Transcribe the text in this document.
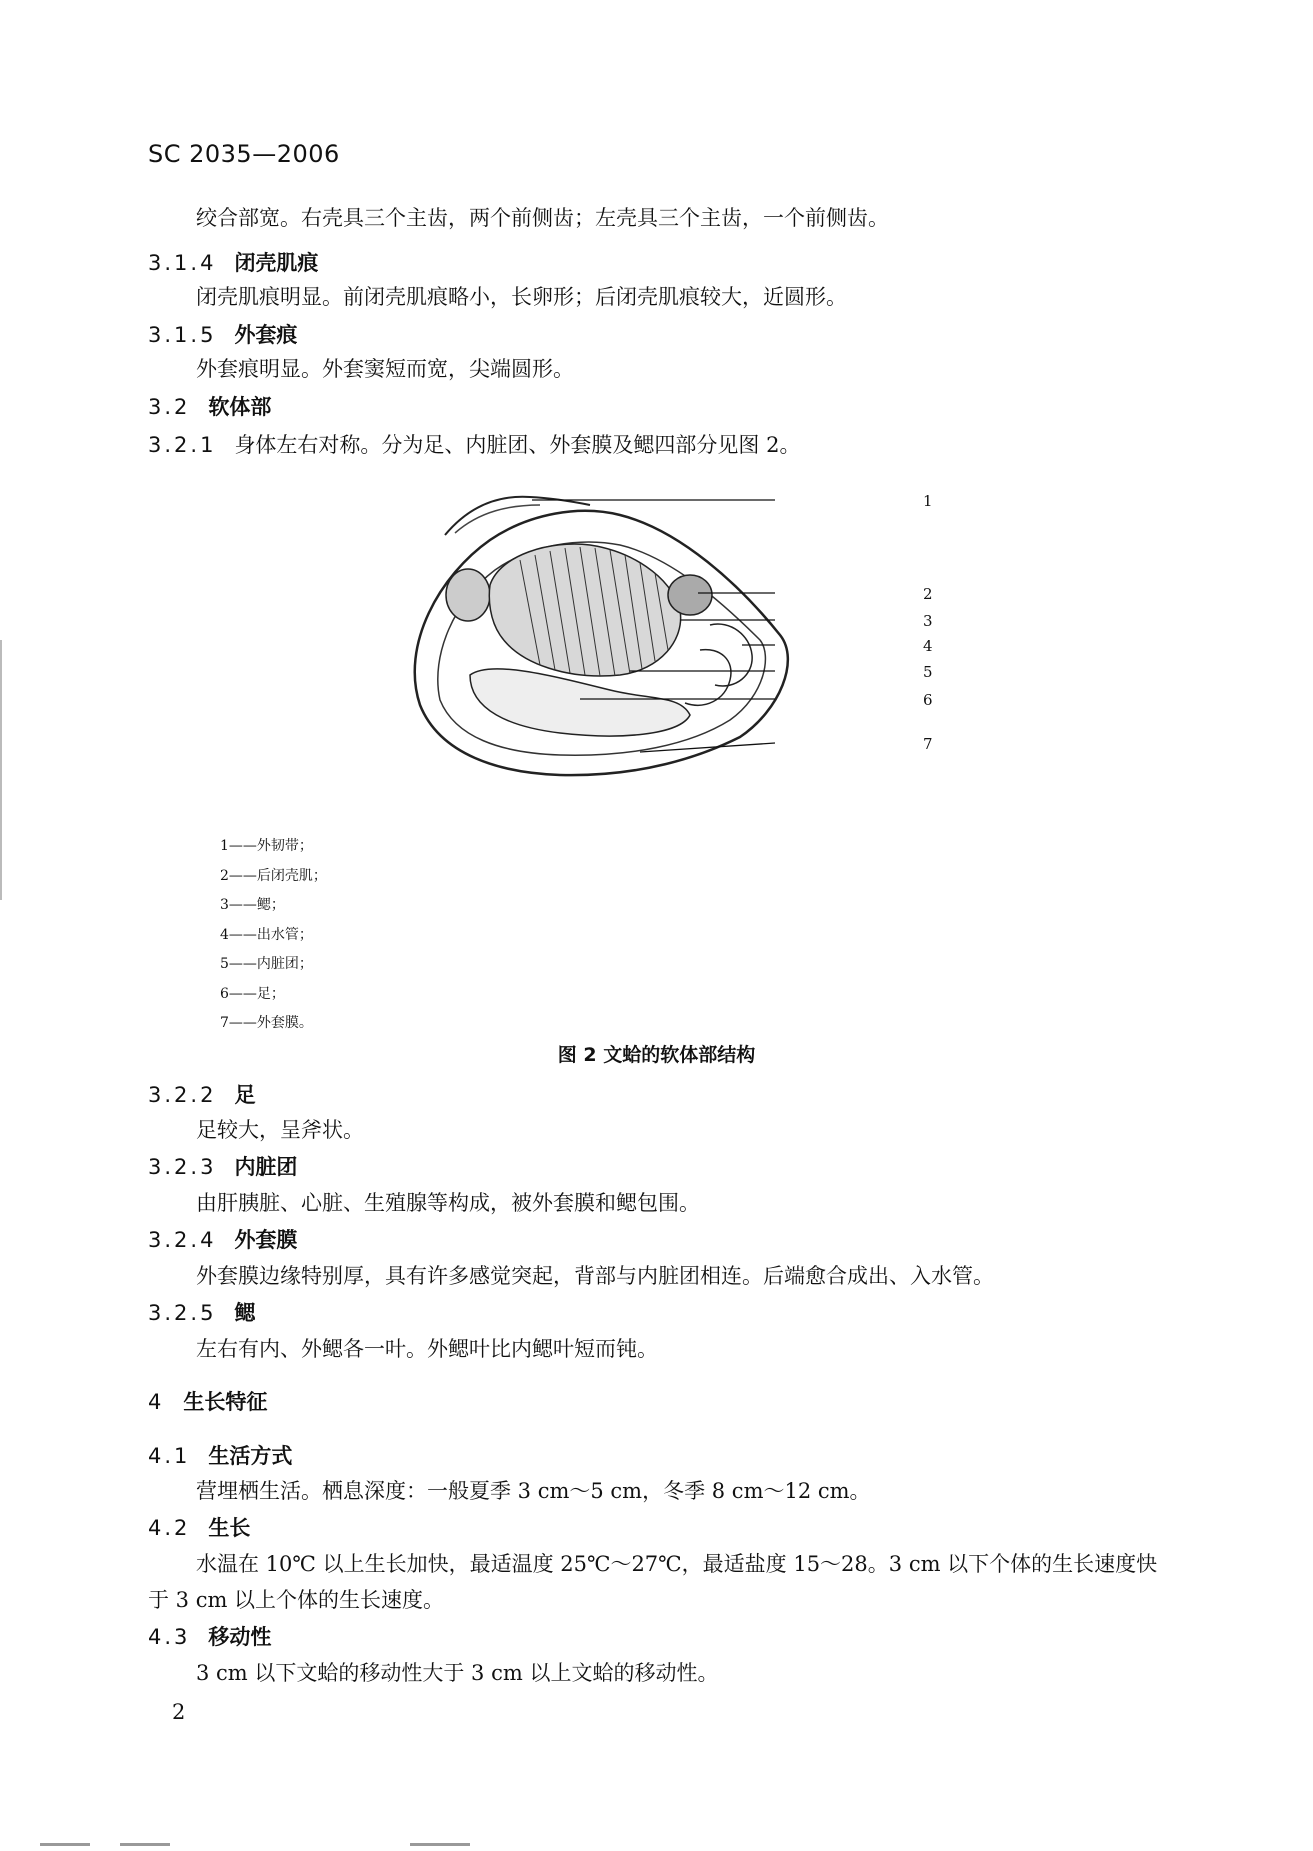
SC 2035—2006
绞合部宽。右壳具三个主齿，两个前侧齿；左壳具三个主齿，一个前侧齿。
3.1.4 闭壳肌痕
闭壳肌痕明显。前闭壳肌痕略小，长卵形；后闭壳肌痕较大，近圆形。
3.1.5 外套痕
外套痕明显。外套窦短而宽，尖端圆形。
3.2 软体部
3.2.1 身体左右对称。分为足、内脏团、外套膜及鳃四部分见图 2。
1
2
3
4
5
6
7
1——外韧带；
2——后闭壳肌；
3——鳃；
4——出水管；
5——内脏团；
6——足；
7——外套膜。
图 2 文蛤的软体部结构
3.2.2 足
足较大，呈斧状。
3.2.3 内脏团
由肝胰脏、心脏、生殖腺等构成，被外套膜和鳃包围。
3.2.4 外套膜
外套膜边缘特别厚，具有许多感觉突起，背部与内脏团相连。后端愈合成出、入水管。
3.2.5 鳃
左右有内、外鳃各一叶。外鳃叶比内鳃叶短而钝。
4 生长特征
4.1 生活方式
营埋栖生活。栖息深度：一般夏季 3 cm～5 cm，冬季 8 cm～12 cm。
4.2 生长
水温在 10℃ 以上生长加快，最适温度 25℃～27℃，最适盐度 15～28。3 cm 以下个体的生长速度快
于 3 cm 以上个体的生长速度。
4.3 移动性
3 cm 以下文蛤的移动性大于 3 cm 以上文蛤的移动性。
2
